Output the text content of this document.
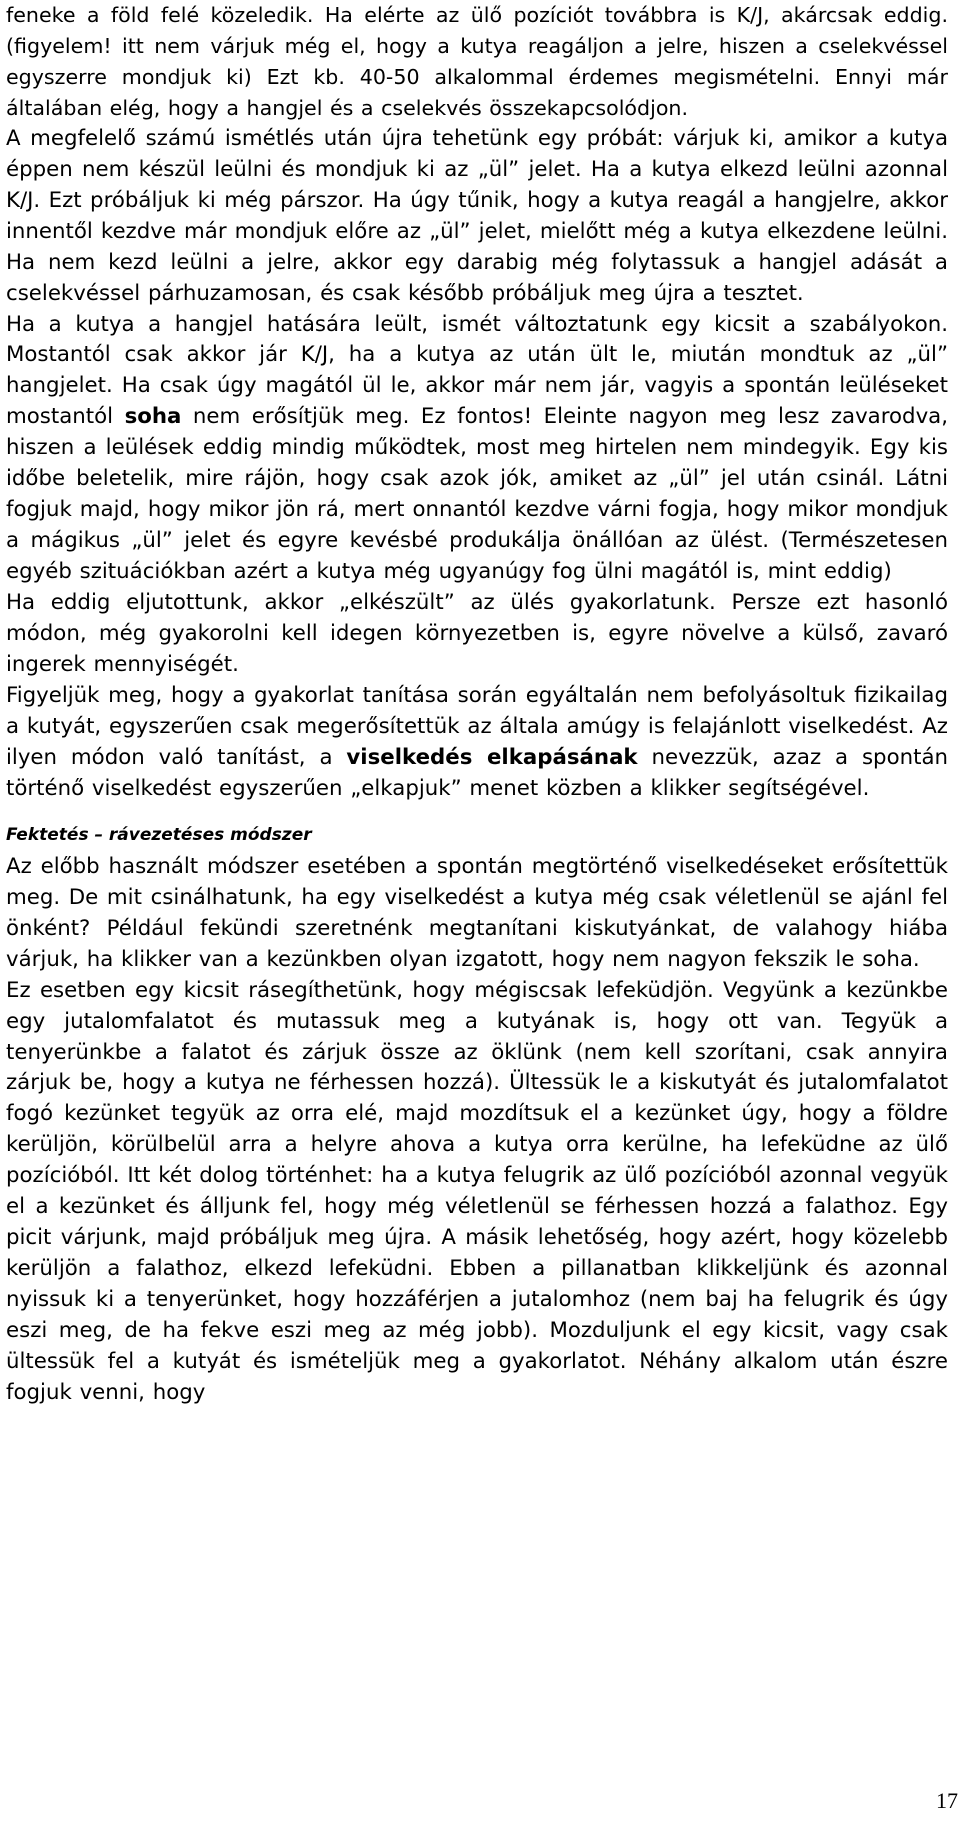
feneke a föld felé közeledik. Ha elérte az ülő pozíciót továbbra is K/J, akárcsak eddig. (figyelem! itt nem várjuk még el, hogy a kutya reagáljon a jelre, hiszen a cselekvéssel egyszerre mondjuk ki) Ezt kb. 40-50 alkalommal érdemes megismételni. Ennyi már általában elég, hogy a hangjel és a cselekvés összekapcsolódjon.

A megfelelő számú ismétlés után újra tehetünk egy próbát: várjuk ki, amikor a kutya éppen nem készül leülni és mondjuk ki az „ül” jelet. Ha a kutya elkezd leülni azonnal K/J. Ezt próbáljuk ki még párszor. Ha úgy tűnik, hogy a kutya reagál a hangjelre, akkor innentől kezdve már mondjuk előre az „ül” jelet, mielőtt még a kutya elkezdene leülni. Ha nem kezd leülni a jelre, akkor egy darabig még folytassuk a hangjel adását a cselekvéssel párhuzamosan, és csak később próbáljuk meg újra a tesztet.

Ha a kutya a hangjel hatására leült, ismét változtatunk egy kicsit a szabályokon. Mostantól csak akkor jár K/J, ha a kutya az után ült le, miután mondtuk az „ül” hangjelet. Ha csak úgy magától ül le, akkor már nem jár, vagyis a spontán leüléseket mostantól soha nem erősítjük meg. Ez fontos! Eleinte nagyon meg lesz zavarodva, hiszen a leülések eddig mindig működtek, most meg hirtelen nem mindegyik. Egy kis időbe beletelik, mire rájön, hogy csak azok jók, amiket az „ül” jel után csinál. Látni fogjuk majd, hogy mikor jön rá, mert onnantól kezdve várni fogja, hogy mikor mondjuk a mágikus „ül” jelet és egyre kevésbé produkálja önállóan az ülést. (Természetesen egyéb szituációkban azért a kutya még ugyanúgy fog ülni magától is, mint eddig)

Ha eddig eljutottunk, akkor „elkészült” az ülés gyakorlatunk. Persze ezt hasonló módon, még gyakorolni kell idegen környezetben is, egyre növelve a külső, zavaró ingerek mennyiségét.

Figyeljük meg, hogy a gyakorlat tanítása során egyáltalán nem befolyásoltuk fizikailag a kutyát, egyszerűen csak megerősítettük az általa amúgy is felajánlott viselkedést. Az ilyen módon való tanítást, a viselkedés elkapásának nevezzük, azaz a spontán történő viselkedést egyszerűen „elkapjuk” menet közben a klikker segítségével.

Fektetés – rávezetéses módszer

Az előbb használt módszer esetében a spontán megtörténő viselkedéseket erősítettük meg. De mit csinálhatunk, ha egy viselkedést a kutya még csak véletlenül se ajánl fel önként? Például fekündi szeretnénk megtanítani kiskutyánkat, de valahogy hiába várjuk, ha klikker van a kezünkben olyan izgatott, hogy nem nagyon fekszik le soha.

Ez esetben egy kicsit rásegíthetünk, hogy mégiscsak lefeküdjön. Vegyünk a kezünkbe egy jutalomfalatot és mutassuk meg a kutyának is, hogy ott van. Tegyük a tenyerünkbe a falatot és zárjuk össze az öklünk (nem kell szorítani, csak annyira zárjuk be, hogy a kutya ne férhessen hozzá). Ültessük le a kiskutyát és jutalomfalatot fogó kezünket tegyük az orra elé, majd mozdítsuk el a kezünket úgy, hogy a földre kerüljön, körülbelül arra a helyre ahova a kutya orra kerülne, ha lefeküdne az ülő pozícióból. Itt két dolog történhet: ha a kutya felugrik az ülő pozícióból azonnal vegyük el a kezünket és álljunk fel, hogy még véletlenül se férhessen hozzá a falathoz. Egy picit várjunk, majd próbáljuk meg újra. A másik lehetőség, hogy azért, hogy közelebb kerüljön a falathoz, elkezd lefeküdni. Ebben a pillanatban klikkeljünk és azonnal nyissuk ki a tenyerünket, hogy hozzáférjen a jutalomhoz (nem baj ha felugrik és úgy eszi meg, de ha fekve eszi meg az még jobb). Mozduljunk el egy kicsit, vagy csak ültessük fel a kutyát és ismételjük meg a gyakorlatot. Néhány alkalom után észre fogjuk venni, hogy

17
